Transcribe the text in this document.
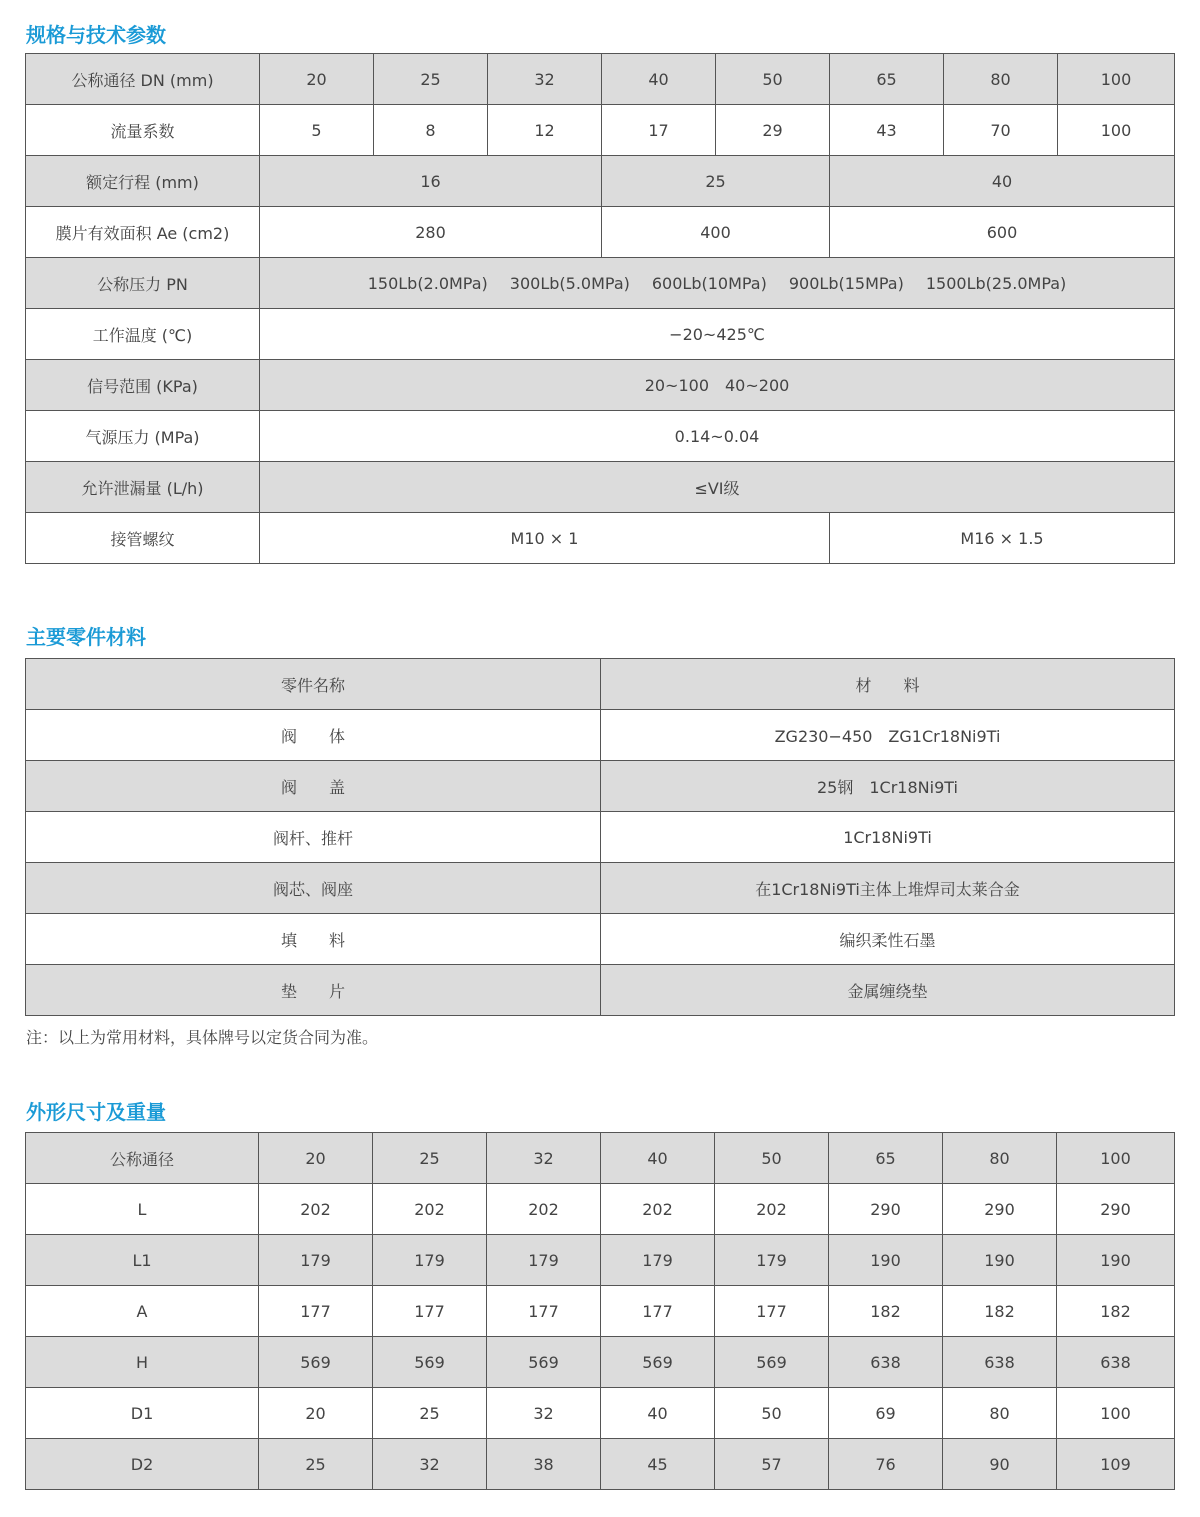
规格与技术参数
公称通径 DN (mm)	20	25	32	40	50	65	80	100
流量系数	5	8	12	17	29	43	70	100
额定行程 (mm)	16			25		40		
膜片有效面积 Ae (cm2)	280			400		600		
公称压力 PN	150Lb(2.0MPa) 300Lb(5.0MPa) 600Lb(10MPa) 900Lb(15MPa) 1500Lb(25.0MPa)							
工作温度 (℃)	−20~425℃							
信号范围 (KPa)	20~100 40~200							
气源压力 (MPa)	0.14~0.04							
允许泄漏量 (L/h)	≤VI级							
接管螺纹	M10 × 1					M16 × 1.5		
主要零件材料
零件名称	材　　料
阀　　体	ZG230−450　ZG1Cr18Ni9Ti
阀　　盖	25钢　1Cr18Ni9Ti
阀杆、推杆	1Cr18Ni9Ti
阀芯、阀座	在1Cr18Ni9Ti主体上堆焊司太莱合金
填　　料	编织柔性石墨
垫　　片	金属缠绕垫

注：以上为常用材料，具体牌号以定货合同为准。

外形尺寸及重量
公称通径	20	25	32	40	50	65	80	100
L	202	202	202	202	202	290	290	290
L1	179	179	179	179	179	190	190	190
A	177	177	177	177	177	182	182	182
H	569	569	569	569	569	638	638	638
D1	20	25	32	40	50	69	80	100
D2	25	32	38	45	57	76	90	109
